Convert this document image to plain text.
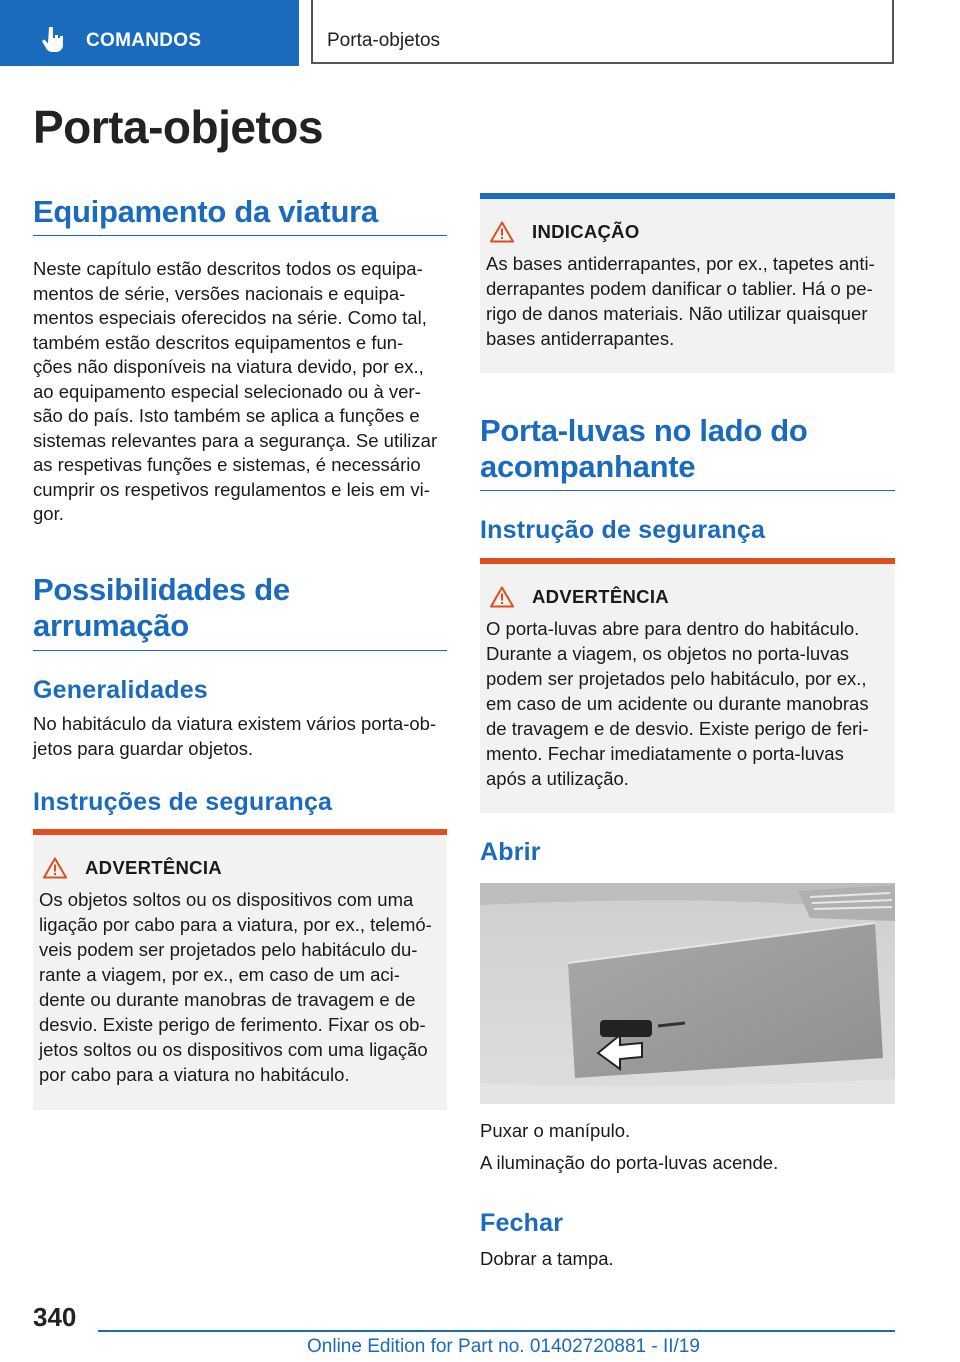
COMANDOS	Porta-objetos
Porta-objetos
Equipamento da viatura

Neste capítulo estão descritos todos os equipa-
mentos de série, versões nacionais e equipa-
mentos especiais oferecidos na série. Como tal,
também estão descritos equipamentos e fun-
ções não disponíveis na viatura devido, por ex.,
ao equipamento especial selecionado ou à ver-
são do país. Isto também se aplica a funções e
sistemas relevantes para a segurança. Se utilizar
as respetivas funções e sistemas, é necessário
cumprir os respetivos regulamentos e leis em vi-
gor.

Possibilidades de
arrumação
Generalidades

No habitáculo da viatura existem vários porta-ob-
jetos para guardar objetos.

Instruções de segurança
ADVERTÊNCIA

Os objetos soltos ou os dispositivos com uma
ligação por cabo para a viatura, por ex., telemó-
veis podem ser projetados pelo habitáculo du-
rante a viagem, por ex., em caso de um aci-
dente ou durante manobras de travagem e de
desvio. Existe perigo de ferimento. Fixar os ob-
jetos soltos ou os dispositivos com uma ligação
por cabo para a viatura no habitáculo.

INDICAÇÃO

As bases antiderrapantes, por ex., tapetes anti-
derrapantes podem danificar o tablier. Há o pe-
rigo de danos materiais. Não utilizar quaisquer
bases antiderrapantes.

Porta-luvas no lado do
acompanhante
Instrução de segurança
ADVERTÊNCIA

O porta-luvas abre para dentro do habitáculo.
Durante a viagem, os objetos no porta-luvas
podem ser projetados pelo habitáculo, por ex.,
em caso de um acidente ou durante manobras
de travagem e de desvio. Existe perigo de feri-
mento. Fechar imediatamente o porta-luvas
após a utilização.

Abrir

Puxar o manípulo.

A iluminação do porta-luvas acende.

Fechar

Dobrar a tampa.

340
Online Edition for Part no. 01402720881 - II/19
